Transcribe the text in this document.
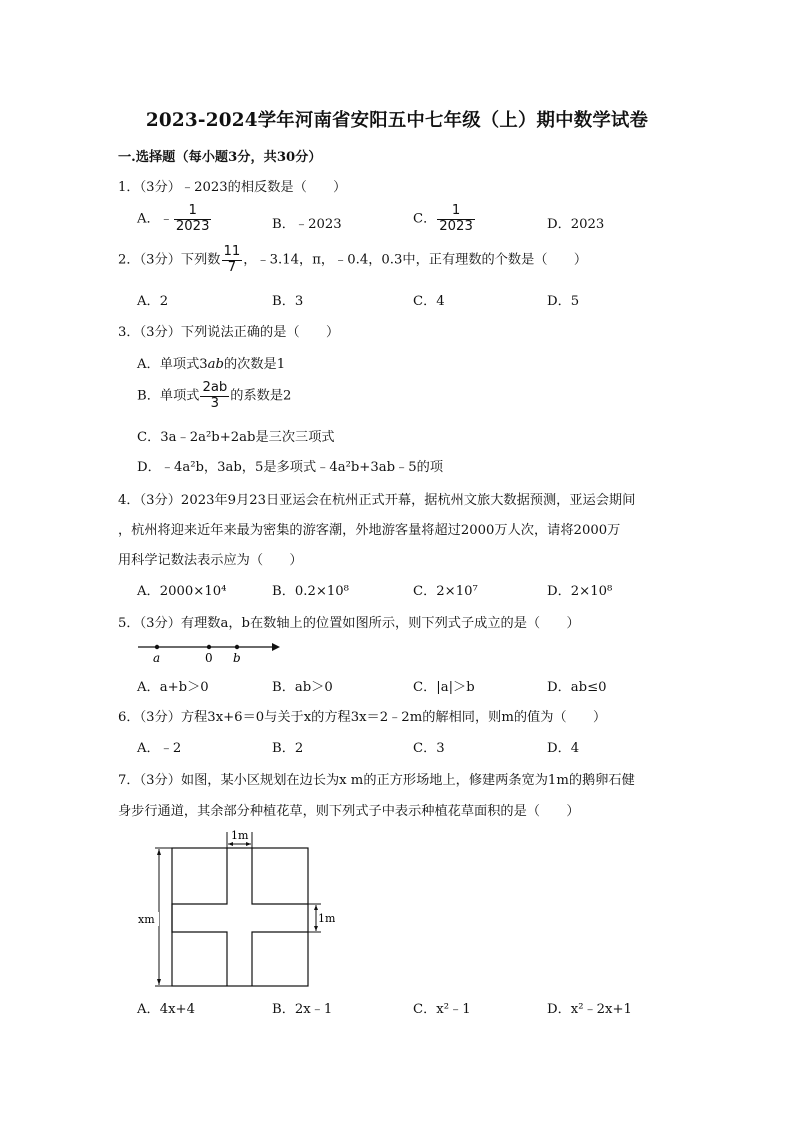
2023-2024学年河南省安阳五中七年级（上）期中数学试卷
一.选择题（每小题3分，共30分）
1．（3分）﹣2023的相反数是（　　）
A．﹣ $\frac{1}{2023}$	B．﹣2023	C． $\frac{1}{2023}$	D．2023
2．（3分）下列数 $\frac{11}{7}$ ，﹣3.14，π，﹣0.4，0.3中，正有理数的个数是（　　）
A．2	B．3	C．4	D．5
3．（3分）下列说法正确的是（　　）
A．单项式3ab的次数是1
B．单项式 $\frac{2ab}{3}$ 的系数是2
C．3a﹣2a²b+2ab是三次三项式
D．﹣4a²b，3ab，5是多项式﹣4a²b+3ab﹣5的项
4．（3分）2023年9月23日亚运会在杭州正式开幕，据杭州文旅大数据预测，亚运会期间
，杭州将迎来近年来最为密集的游客潮，外地游客量将超过2000万人次，请将2000万
用科学记数法表示应为（　　）
A．2000×10⁴	B．0.2×10⁸	C．2×10⁷	D．2×10⁸
5．（3分）有理数a，b在数轴上的位置如图所示，则下列式子成立的是（　　）
a	0 b
A．a+b＞0	B．ab＞0	C．|a|＞b	D．ab≤0
6．（3分）方程3x+6＝0与关于x的方程3x＝2﹣2m的解相同，则m的值为（　　）
A．﹣2	B．2	C．3	D．4
7．（3分）如图，某小区规划在边长为x m的正方形场地上，修建两条宽为1m的鹅卵石健
身步行通道，其余部分种植花草，则下列式子中表示种植花草面积的是（　　）
1m
1m
xm
A．4x+4	B．2x﹣1	C．x²﹣1	D．x²﹣2x+1
